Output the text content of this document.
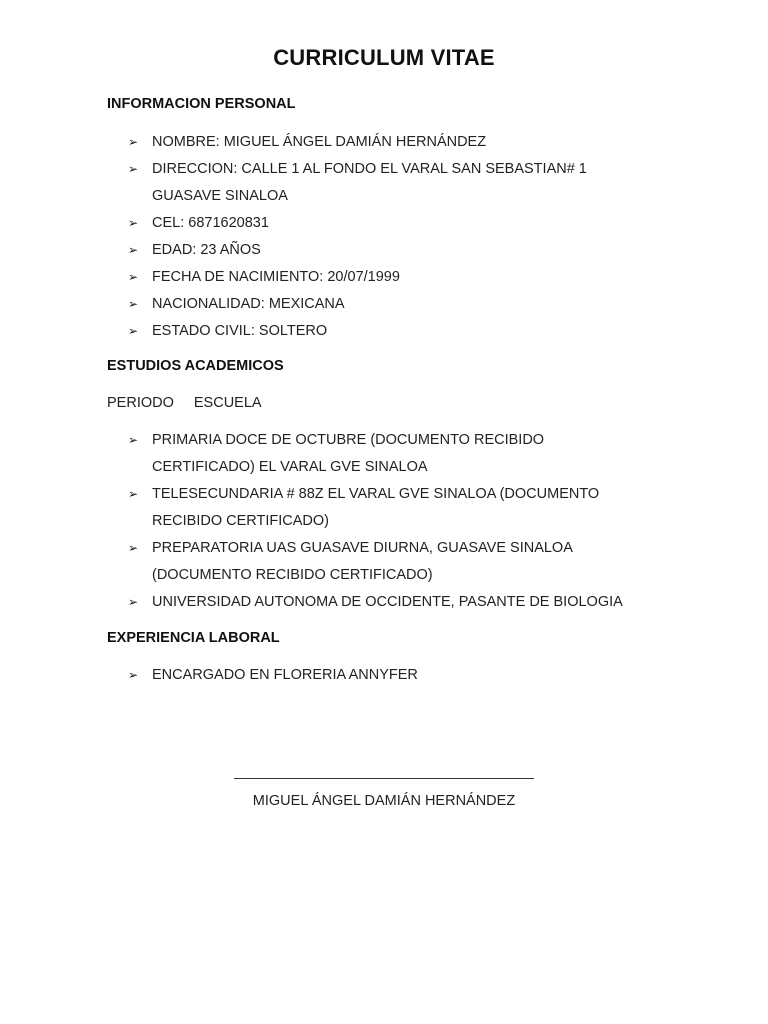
CURRICULUM VITAE
INFORMACION PERSONAL
➢ NOMBRE: MIGUEL ÁNGEL DAMIÁN HERNÁNDEZ
➢ DIRECCION: CALLE 1 AL FONDO EL VARAL SAN SEBASTIAN# 1 GUASAVE SINALOA
➢ CEL: 6871620831
➢ EDAD: 23 AÑOS
➢ FECHA DE NACIMIENTO: 20/07/1999
➢ NACIONALIDAD: MEXICANA
➢ ESTADO CIVIL: SOLTERO
ESTUDIOS ACADEMICOS
PERIODO ESCUELA
➢ PRIMARIA DOCE DE OCTUBRE (DOCUMENTO RECIBIDO CERTIFICADO) EL VARAL GVE SINALOA
➢ TELESECUNDARIA # 88Z EL VARAL GVE SINALOA (DOCUMENTO RECIBIDO CERTIFICADO)
➢ PREPARATORIA UAS GUASAVE DIURNA, GUASAVE SINALOA (DOCUMENTO RECIBIDO CERTIFICADO)
➢ UNIVERSIDAD AUTONOMA DE OCCIDENTE, PASANTE DE BIOLOGIA
EXPERIENCIA LABORAL
➢ ENCARGADO EN FLORERIA ANNYFER
MIGUEL ÁNGEL DAMIÁN HERNÁNDEZ
